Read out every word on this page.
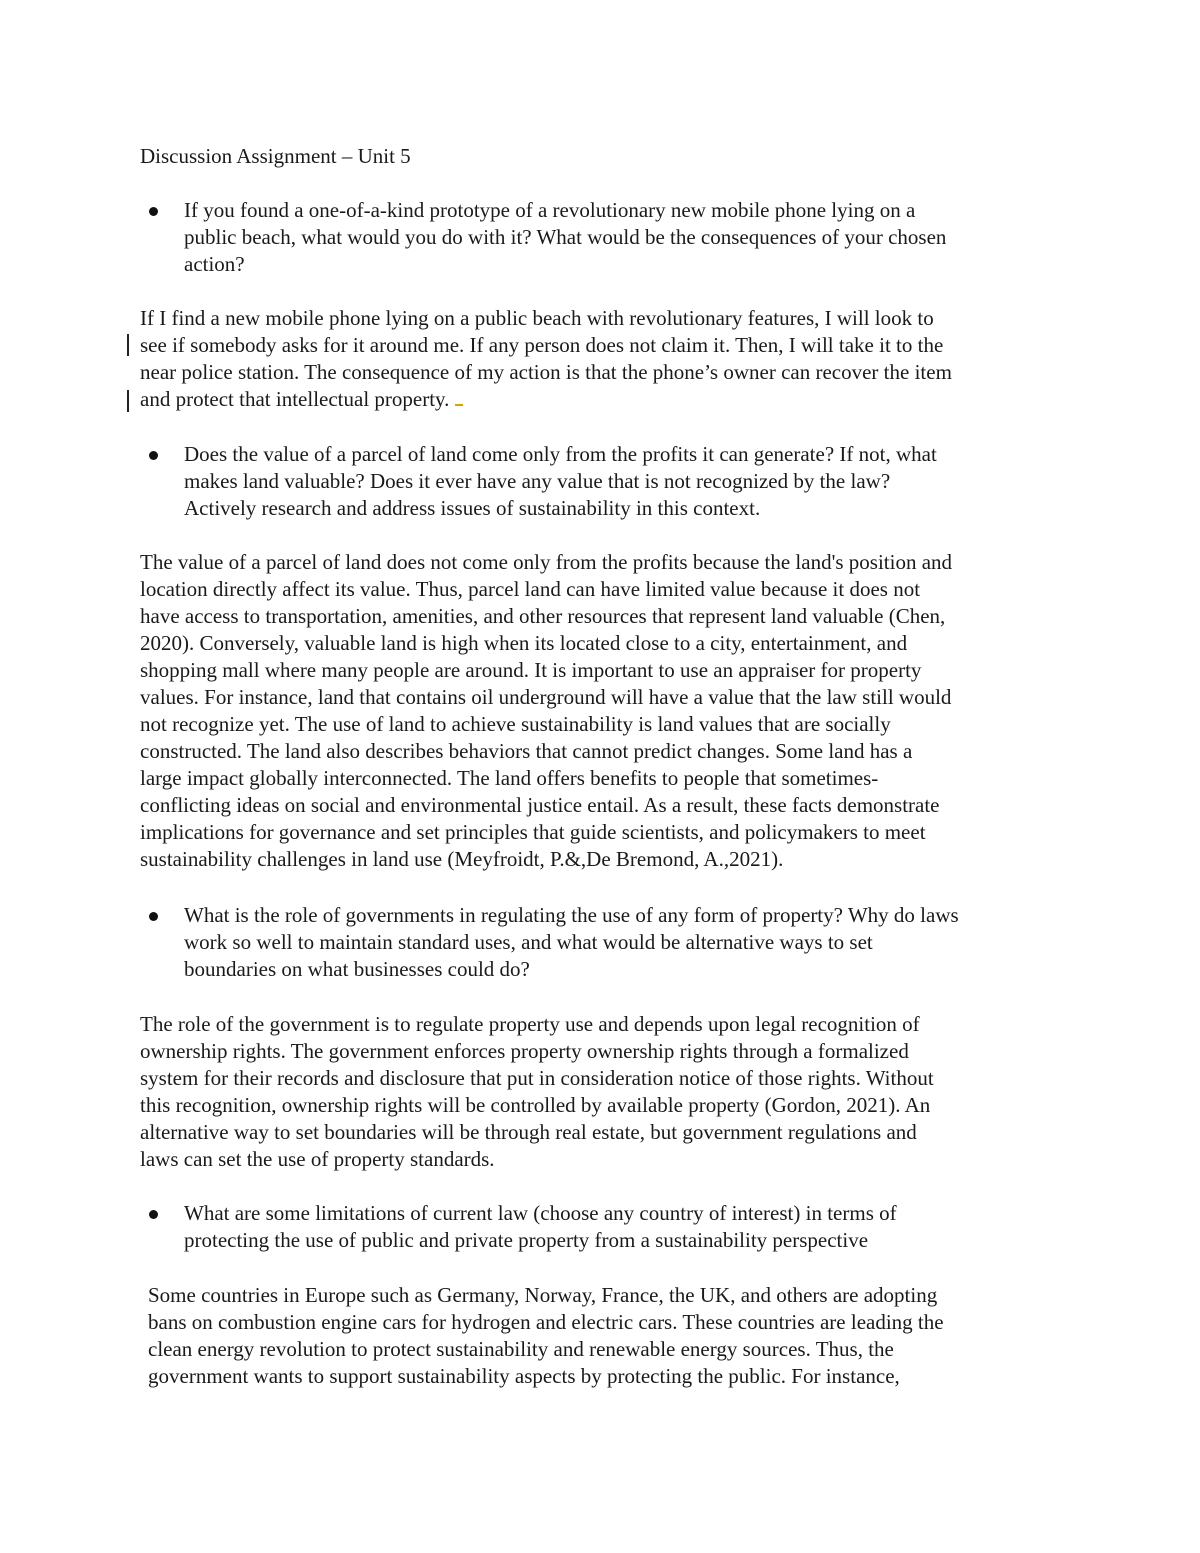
Discussion Assignment – Unit 5
If you found a one-of-a-kind prototype of a revolutionary new mobile phone lying on a
public beach, what would you do with it? What would be the consequences of your chosen
action?
If I find a new mobile phone lying on a public beach with revolutionary features, I will look to
see if somebody asks for it around me. If any person does not claim it. Then, I will take it to the
near police station. The consequence of my action is that the phone’s owner can recover the item
and protect that intellectual property.
Does the value of a parcel of land come only from the profits it can generate? If not, what
makes land valuable? Does it ever have any value that is not recognized by the law?
Actively research and address issues of sustainability in this context.
The value of a parcel of land does not come only from the profits because the land's position and
location directly affect its value. Thus, parcel land can have limited value because it does not
have access to transportation, amenities, and other resources that represent land valuable (Chen,
2020). Conversely, valuable land is high when its located close to a city, entertainment, and
shopping mall where many people are around. It is important to use an appraiser for property
values. For instance, land that contains oil underground will have a value that the law still would
not recognize yet. The use of land to achieve sustainability is land values that are socially
constructed. The land also describes behaviors that cannot predict changes. Some land has a
large impact globally interconnected. The land offers benefits to people that sometimes-
conflicting ideas on social and environmental justice entail. As a result, these facts demonstrate
implications for governance and set principles that guide scientists, and policymakers to meet
sustainability challenges in land use (Meyfroidt, P.&,De Bremond, A.,2021).
What is the role of governments in regulating the use of any form of property? Why do laws
work so well to maintain standard uses, and what would be alternative ways to set
boundaries on what businesses could do?
The role of the government is to regulate property use and depends upon legal recognition of
ownership rights. The government enforces property ownership rights through a formalized
system for their records and disclosure that put in consideration notice of those rights. Without
this recognition, ownership rights will be controlled by available property (Gordon, 2021). An
alternative way to set boundaries will be through real estate, but government regulations and
laws can set the use of property standards.
What are some limitations of current law (choose any country of interest) in terms of
protecting the use of public and private property from a sustainability perspective
Some countries in Europe such as Germany, Norway, France, the UK, and others are adopting
bans on combustion engine cars for hydrogen and electric cars. These countries are leading the
clean energy revolution to protect sustainability and renewable energy sources. Thus, the
government wants to support sustainability aspects by protecting the public. For instance,
